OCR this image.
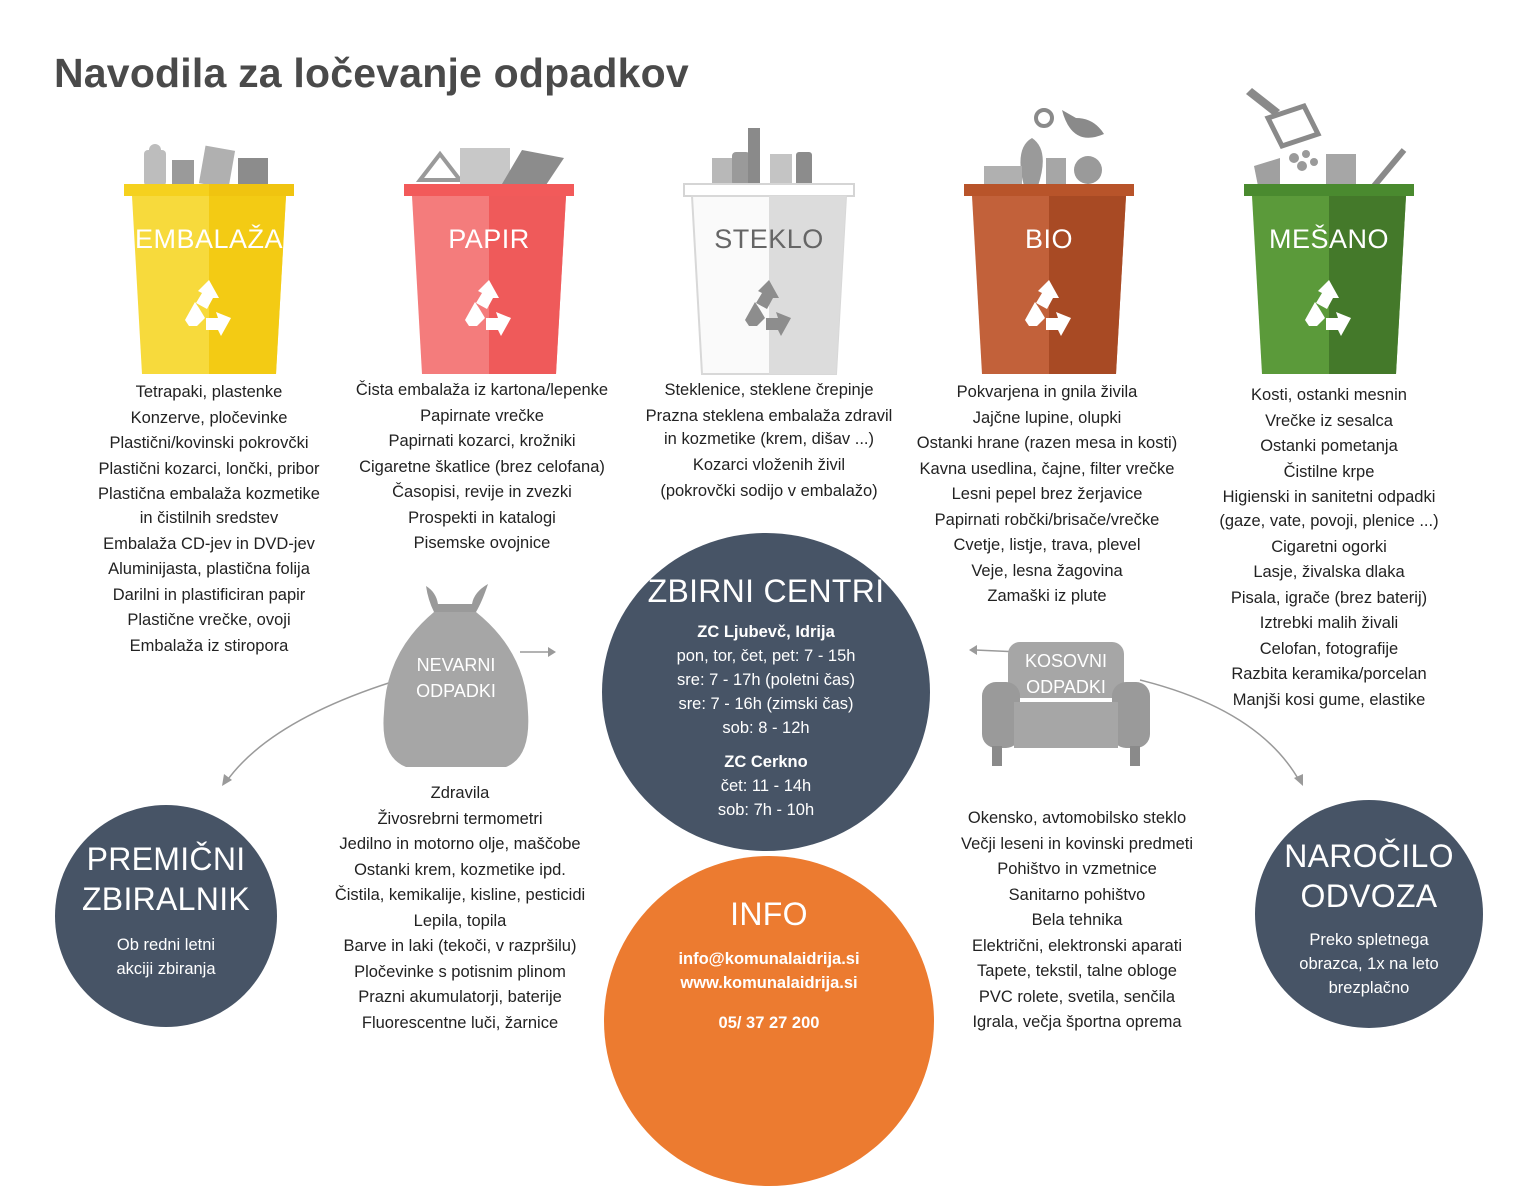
Navodila za ločevanje odpadkov
EMBALAŽA	PAPIR	STEKLO	BIO	MEŠANO
Tetrapaki, plastenke
Konzerve, pločevinke
Plastični/kovinski pokrovčki
Plastični kozarci, lončki, pribor
Plastična embalaža kozmetike
in čistilnih sredstev
Embalaža CD-jev in DVD-jev
Aluminijasta, plastična folija
Darilni in plastificiran papir
Plastične vrečke, ovoji
Embalaža iz stiropora
Čista embalaža iz kartona/lepenke
Papirnate vrečke
Papirnati kozarci, krožniki
Cigaretne škatlice (brez celofana)
Časopisi, revije in zvezki
Prospekti in katalogi
Pisemske ovojnice
Steklenice, steklene črepinje
Prazna steklena embalaža zdravil
in kozmetike (krem, dišav ...)
Kozarci vloženih živil
(pokrovčki sodijo v embalažo)
Pokvarjena in gnila živila
Jajčne lupine, olupki
Ostanki hrane (razen mesa in kosti)
Kavna usedlina, čajne, filter vrečke
Lesni pepel brez žerjavice
Papirnati robčki/brisače/vrečke
Cvetje, listje, trava, plevel
Veje, lesna žagovina
Zamaški iz plute
Kosti, ostanki mesnin
Vrečke iz sesalca
Ostanki pometanja
Čistilne krpe
Higienski in sanitetni odpadki
(gaze, vate, povoji, plenice ...)
Cigaretni ogorki
Lasje, živalska dlaka
Pisala, igrače (brez baterij)
Iztrebki malih živali
Celofan, fotografije
Razbita keramika/porcelan
Manjši kosi gume, elastike
NEVARNI
ODPADKI
KOSOVNI
ODPADKI
Zdravila
Živosrebrni termometri
Jedilno in motorno olje, maščobe
Ostanki krem, kozmetike ipd.
Čistila, kemikalije, kisline, pesticidi
Lepila, topila
Barve in laki (tekoči, v razpršilu)
Pločevinke s potisnim plinom
Prazni akumulatorji, baterije
Fluorescentne luči, žarnice
Okensko, avtomobilsko steklo
Večji leseni in kovinski predmeti
Pohištvo in vzmetnice
Sanitarno pohištvo
Bela tehnika
Električni, elektronski aparati
Tapete, tekstil, talne obloge
PVC rolete, svetila, senčila
Igrala, večja športna oprema
INFO
info@komunalaidrija.si
www.komunalaidrija.si
05/ 37 27 200
ZBIRNI CENTRI
ZC Ljubevč, Idrija
pon, tor, čet, pet: 7 - 15h
sre: 7 - 17h (poletni čas)
sre: 7 - 16h (zimski čas)
sob: 8 - 12h
ZC Cerkno
čet: 11 - 14h
sob: 7h - 10h
PREMIČNI
ZBIRALNIK
Ob redni letni
akciji zbiranja
NAROČILO
ODVOZA
Preko spletnega
obrazca, 1x na leto
brezplačno
